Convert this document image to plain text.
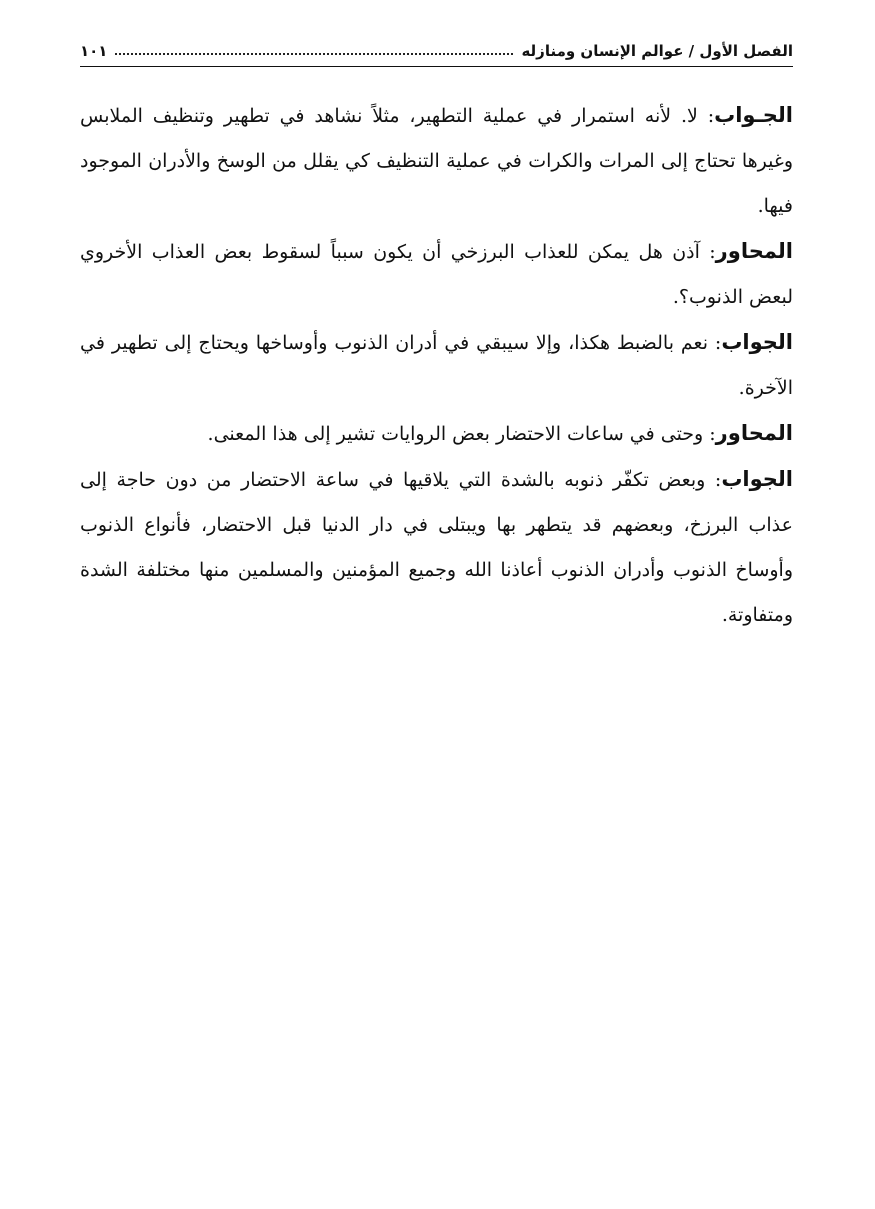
الفصل الأول / عوالم الإنسان ومنازله
١٠١

الجـواب: لا. لأنه استمرار في عملية التطهير، مثلاً نشاهد في تطهير وتنظيف الملابس وغيرها تحتاج إلى المرات والكرات في عملية التنظيف كي يقلل من الوسخ والأدران الموجود فيها.

المحاور: آذن هل يمكن للعذاب البرزخي أن يكون سبباً لسقوط بعض العذاب الأخروي لبعض الذنوب؟.

الجواب: نعم بالضبط هكذا، وإلا سيبقي في أدران الذنوب وأوساخها ويحتاج إلى تطهير في الآخرة.

المحاور: وحتى في ساعات الاحتضار بعض الروايات تشير إلى هذا المعنى.

الجواب: وبعض تكفّر ذنوبه بالشدة التي يلاقيها في ساعة الاحتضار من دون حاجة إلى عذاب البرزخ، وبعضهم قد يتطهر بها ويبتلى في دار الدنيا قبل الاحتضار، فأنواع الذنوب وأوساخ الذنوب وأدران الذنوب أعاذنا الله وجميع المؤمنين والمسلمين منها مختلفة الشدة ومتفاوتة.
